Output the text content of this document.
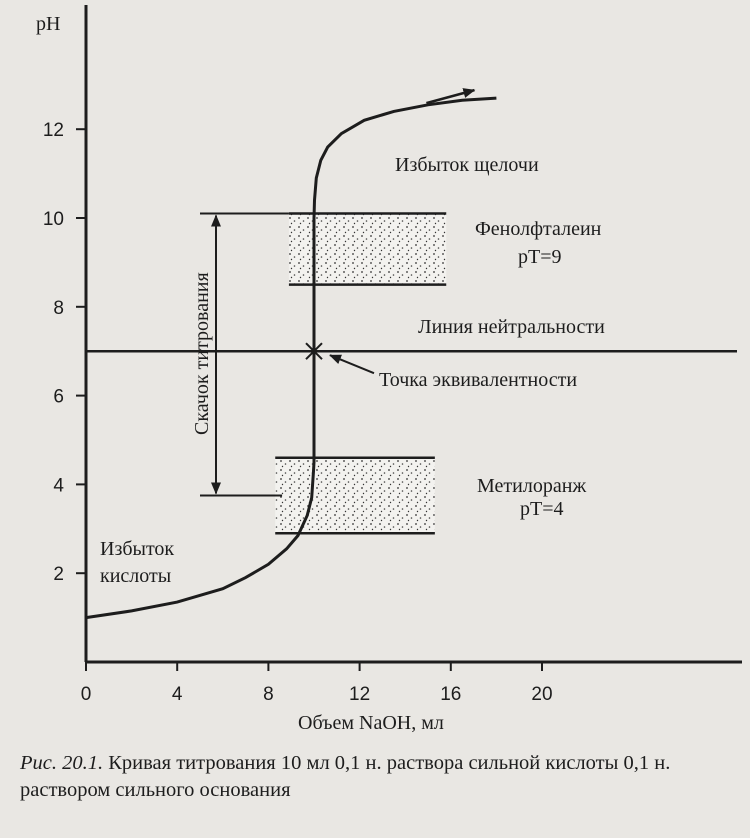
0	4	8	12	16	20
2
4
6
8
10
12
pH
Объем NaOH, мл
Избыток щелочи
Фенолфталеин
pT=9
Линия нейтральности
Точка эквивалентности
Скачок титрования
Метилоранж
pT=4
Избыток
кислоты
Рис. 20.1. Кривая титрования 10 мл 0,1 н. раствора сильной кислоты 0,1 н. раствором сильного основания
